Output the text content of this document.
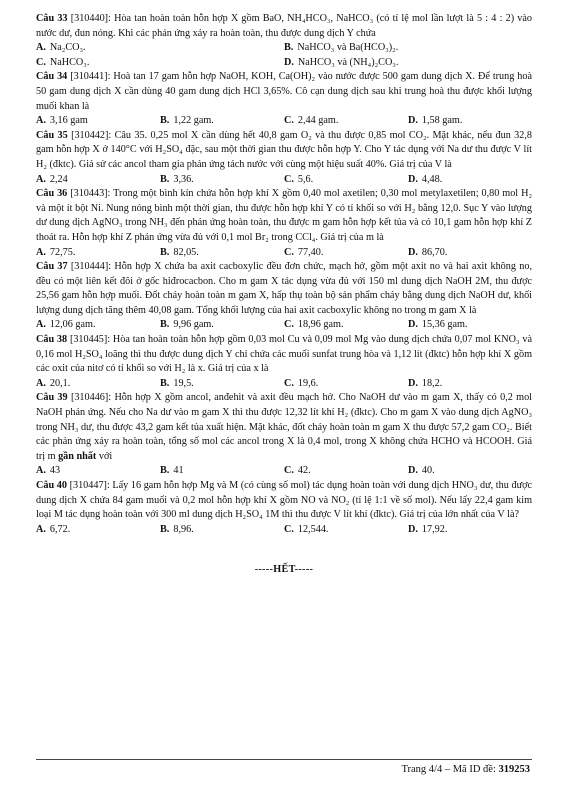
Câu 33 [310440]: Hòa tan hoàn toàn hỗn hợp X gồm BaO, NH₄HCO₃, NaHCO₃ (có tỉ lệ mol lần lượt là 5 : 4 : 2) vào nước dư, đun nóng. Khi các phản ứng xảy ra hoàn toàn, thu được dung dịch Y chứa
A. Na₂CO₃.	B. NaHCO₃ và Ba(HCO₃)₂.
C. NaHCO₃.	D. NaHCO₃ và (NH₄)₂CO₃.
Câu 34 [310441]: Hoà tan 17 gam hỗn hợp NaOH, KOH, Ca(OH)₂ vào nước được 500 gam dung dịch X. Để trung hoà 50 gam dung dịch X cần dùng 40 gam dung dịch HCl 3,65%. Cô cạn dung dịch sau khi trung hoà thu được khối lượng muối khan là
A. 3,16 gam	B. 1,22 gam.	C. 2,44 gam.	D. 1,58 gam.
Câu 35 [310442]: Câu 35. 0,25 mol X cần dùng hết 40,8 gam O₂ và thu được 0,85 mol CO₂. Mặt khác, nếu đun 32,8 gam hỗn hợp X ở 140°C với H₂SO₄ đặc, sau một thời gian thu được hỗn hợp Y. Cho Y tác dụng với Na dư thu được V lít H₂ (đktc). Giả sử các ancol tham gia phản ứng tách nước với cùng một hiệu suất 40%. Giá trị của V là
A. 2,24	B. 3,36.	C. 5,6.	D. 4,48.
Câu 36 [310443]: Trong một bình kín chứa hỗn hợp khí X gồm 0,40 mol axetilen; 0,30 mol metylaxetilen; 0,80 mol H₂ và một ít bột Ni. Nung nóng bình một thời gian, thu được hỗn hợp khí Y có tỉ khối so với H₂ bằng 12,0. Sục Y vào lượng dư dung dịch AgNO₃ trong NH₃ đến phản ứng hoàn toàn, thu được m gam hỗn hợp kết tủa và có 10,1 gam hỗn hợp khí Z thoát ra. Hỗn hợp khí Z phản ứng vừa đủ với 0,1 mol Br₂ trong CCl₄. Giá trị của m là
A. 72,75.	B. 82,05.	C. 77,40.	D. 86,70.
Câu 37 [310444]: Hỗn hợp X chứa ba axit cacboxylic đều đơn chức, mạch hở, gồm một axit no và hai axit không no, đều có một liên kết đôi ở gốc hiđrocacbon. Cho m gam X tác dụng vừa đủ với 150 ml dung dịch NaOH 2M, thu được 25,56 gam hỗn hợp muối. Đốt cháy hoàn toàn m gam X, hấp thụ toàn bộ sản phẩm cháy bằng dung dịch NaOH dư, khối lượng dung dịch tăng thêm 40,08 gam. Tổng khối lượng của hai axit cacboxylic không no trong m gam X là
A. 12,06 gam.	B. 9,96 gam.	C. 18,96 gam.	D. 15,36 gam.
Câu 38 [310445]: Hòa tan hoàn toàn hỗn hợp gồm 0,03 mol Cu và 0,09 mol Mg vào dung dịch chứa 0,07 mol KNO₃ và 0,16 mol H₂SO₄ loãng thì thu được dung dịch Y chỉ chứa các muối sunfat trung hòa và 1,12 lít (đktc) hỗn hợp khí X gồm các oxit của nitơ có tỉ khối so với H₂ là x. Giá trị của x là
A. 20,1.	B. 19,5.	C. 19,6.	D. 18,2.
Câu 39 [310446]: Hỗn hợp X gồm ancol, anđehit và axit đều mạch hở. Cho NaOH dư vào m gam X, thấy có 0,2 mol NaOH phản ứng. Nếu cho Na dư vào m gam X thì thu được 12,32 lít khí H₂ (đktc). Cho m gam X vào dung dịch AgNO₃ trong NH₃ dư, thu được 43,2 gam kết tủa xuất hiện. Mặt khác, đốt cháy hoàn toàn m gam X thu được 57,2 gam CO₂. Biết các phản ứng xảy ra hoàn toàn, tổng số mol các ancol trong X là 0,4 mol, trong X không chứa HCHO và HCOOH. Giá trị m gần nhất với
A. 43	B. 41	C. 42.	D. 40.
Câu 40 [310447]: Lấy 16 gam hỗn hợp Mg và M (có cùng số mol) tác dụng hoàn toàn với dung dịch HNO₃ dư, thu được dung dịch X chứa 84 gam muối và 0,2 mol hỗn hợp khí X gồm NO và NO₂ (tỉ lệ 1:1 về số mol). Nếu lấy 22,4 gam kim loại M tác dụng hoàn toàn với 300 ml dung dịch H₂SO₄ 1M thì thu được V lít khí (đktc). Giá trị của lớn nhất của V là?
A. 6,72.	B. 8,96.	C. 12,544.	D. 17,92.
-----HẾT-----
Trang 4/4 – Mã ID đề: 319253
